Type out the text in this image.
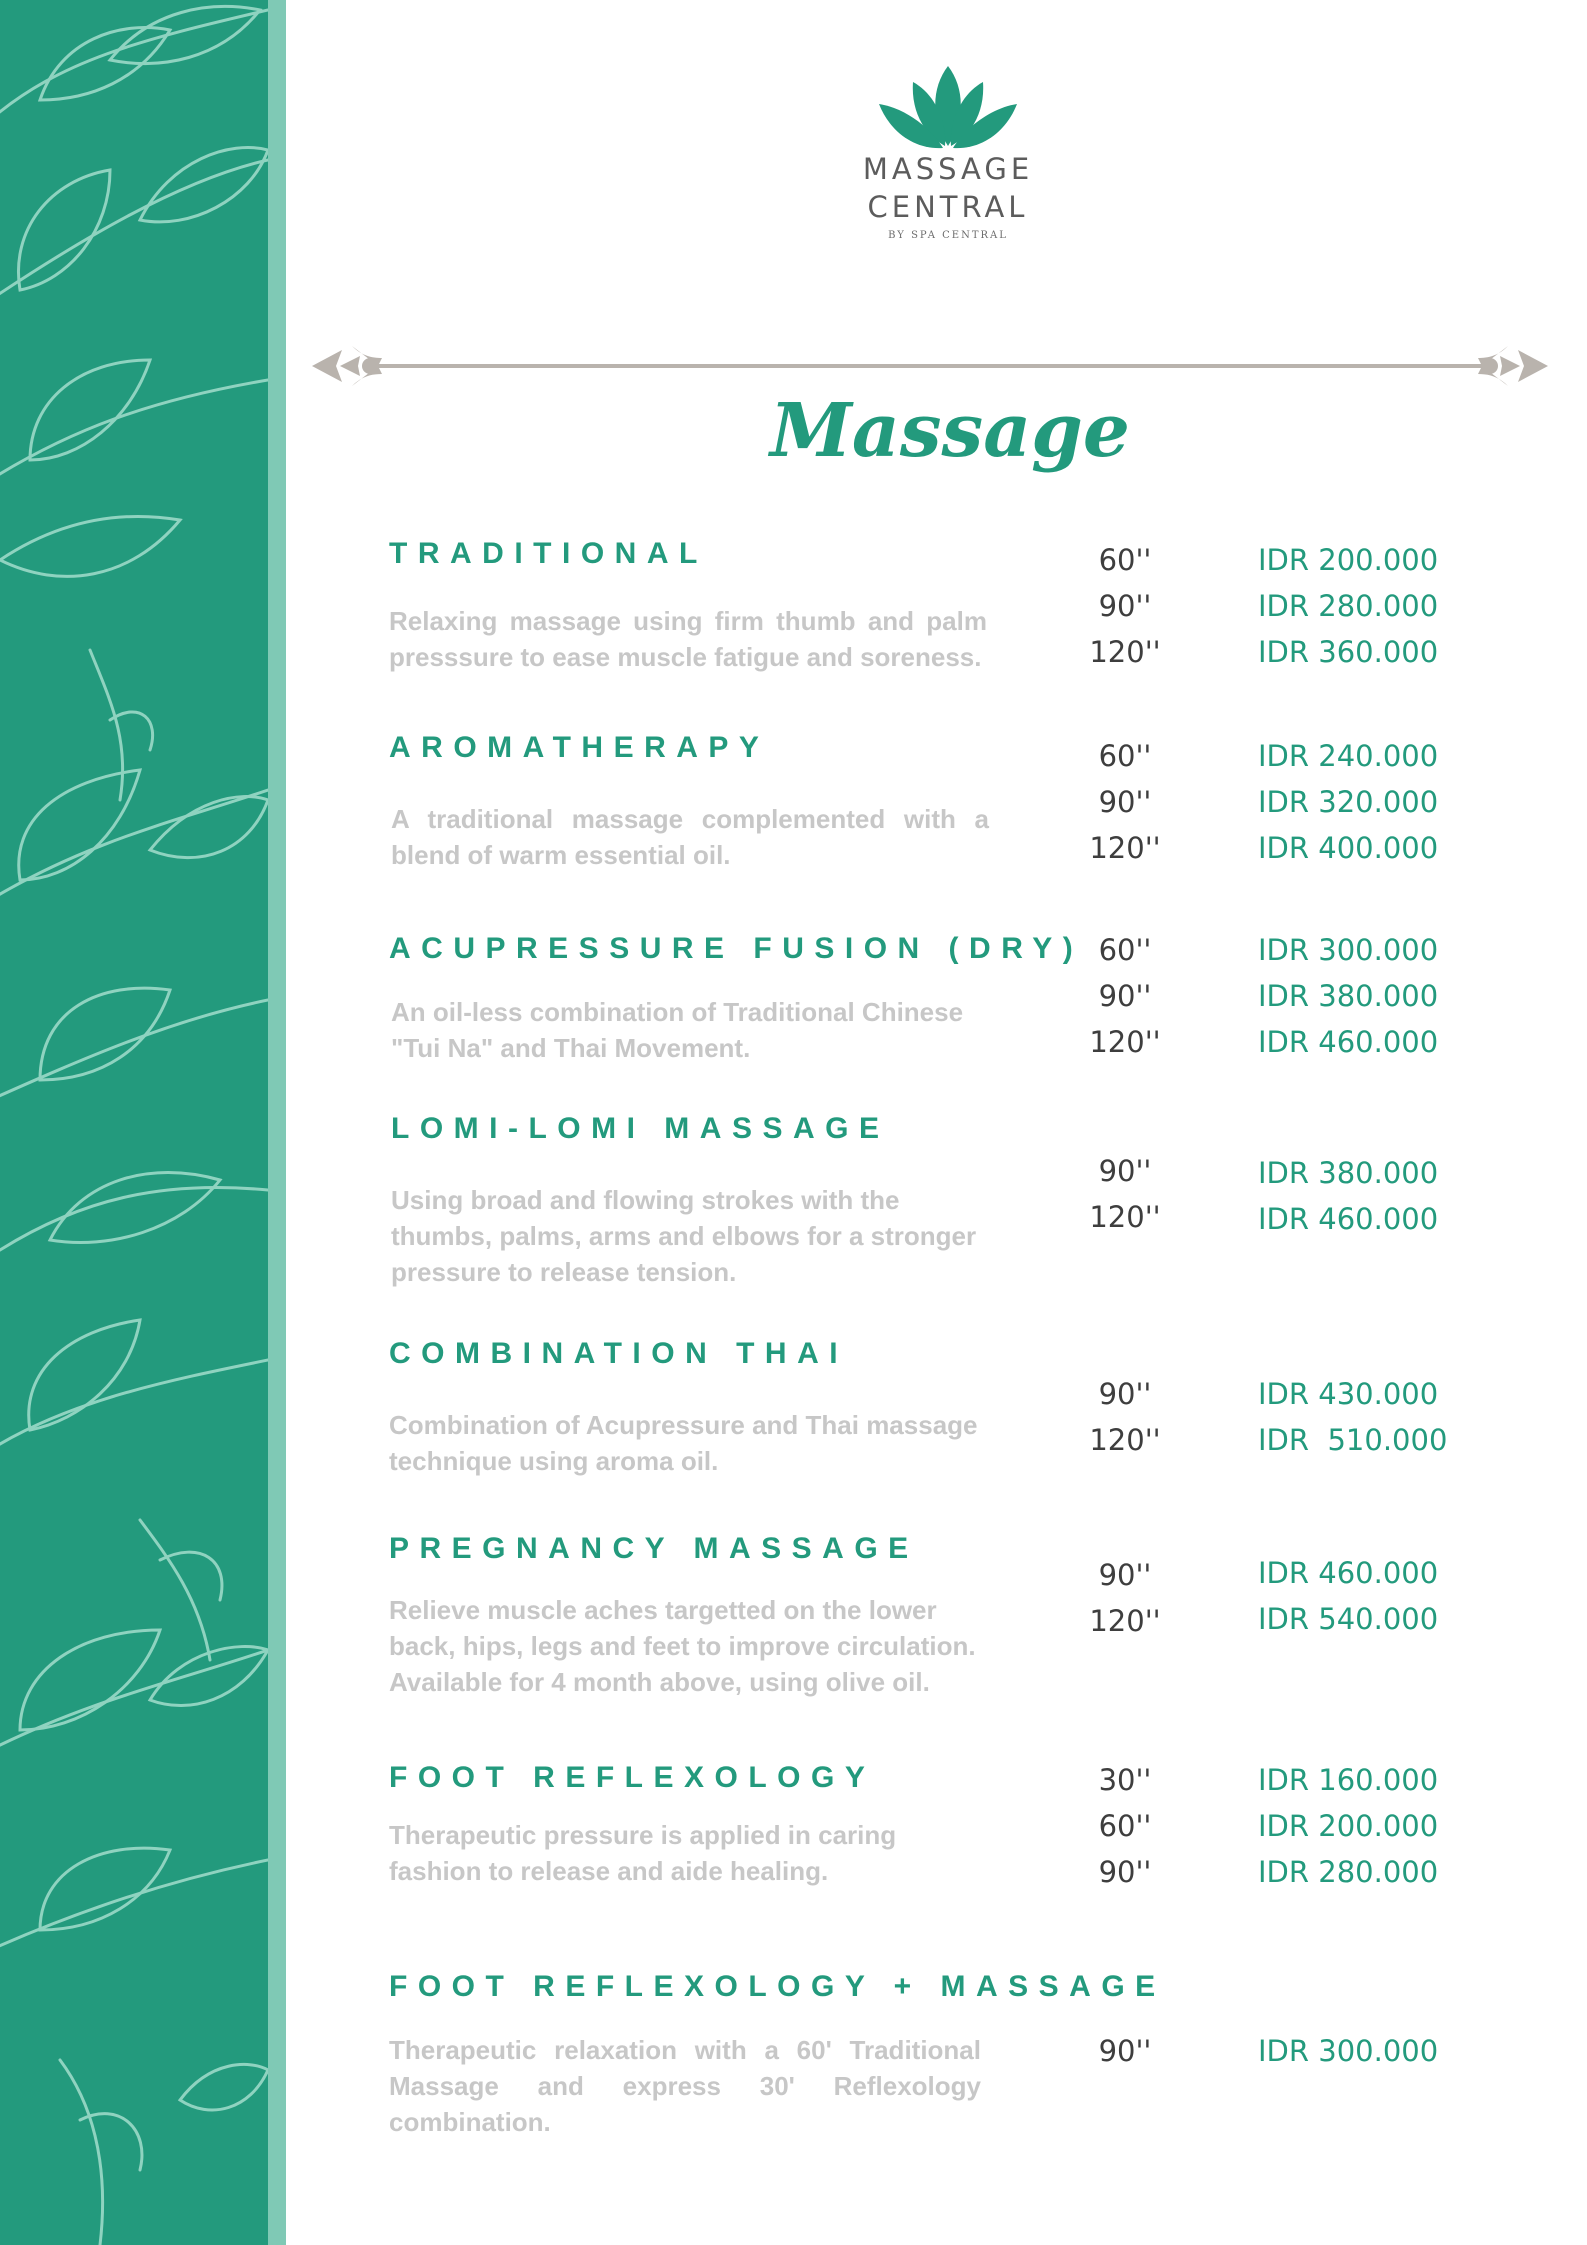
MASSAGE
CENTRAL
BY SPA CENTRAL
Massage
TRADITIONAL
Relaxing massage using firm thumb and palm presssure to ease muscle fatigue and soreness.
60''
90''
120''
IDR 200.000
IDR 280.000
IDR 360.000
AROMATHERAPY
A traditional massage complemented with a blend of warm essential oil.
60''
90''
120''
IDR 240.000
IDR 320.000
IDR 400.000
ACUPRESSURE FUSION (DRY)
An oil-less combination of Traditional Chinese "Tui Na" and Thai Movement.
60''
90''
120''
IDR 300.000
IDR 380.000
IDR 460.000
LOMI-LOMI MASSAGE
Using broad and flowing strokes with the thumbs, palms, arms and elbows for a stronger pressure to release tension.
90''
120''
IDR 380.000
IDR 460.000
COMBINATION THAI
Combination of Acupressure and Thai massage technique using aroma oil.
90''
120''
IDR 430.000
IDR  510.000
PREGNANCY MASSAGE
Relieve muscle aches targetted on the lower back, hips, legs and feet to improve circulation. Available for 4 month above, using olive oil.
90''
120''
IDR 460.000
IDR 540.000
FOOT REFLEXOLOGY
Therapeutic pressure is applied in caring fashion to release and aide healing.
30''
60''
90''
IDR 160.000
IDR 200.000
IDR 280.000
FOOT REFLEXOLOGY + MASSAGE
Therapeutic relaxation with a 60' Traditional Massage and express 30' Reflexology combination.
90''	IDR 300.000
